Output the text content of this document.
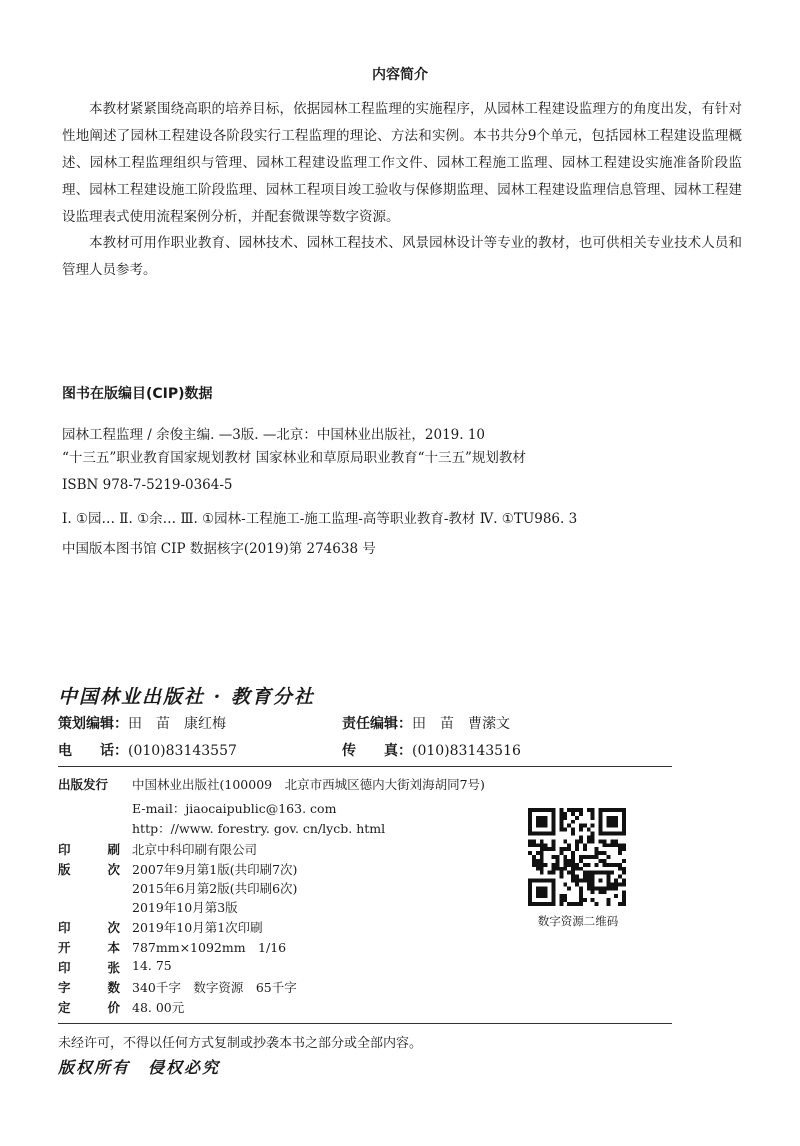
内容简介

本教材紧紧围绕高职的培养目标，依据园林工程监理的实施程序，从园林工程建设监理方的角度出发，有针对性地阐述了园林工程建设各阶段实行工程监理的理论、方法和实例。本书共分9个单元，包括园林工程建设监理概述、园林工程监理组织与管理、园林工程建设监理工作文件、园林工程施工监理、园林工程建设实施准备阶段监理、园林工程建设施工阶段监理、园林工程项目竣工验收与保修期监理、园林工程建设监理信息管理、园林工程建设监理表式使用流程案例分析，并配套微课等数字资源。

本教材可用作职业教育、园林技术、园林工程技术、风景园林设计等专业的教材，也可供相关专业技术人员和管理人员参考。

图书在版编目(CIP)数据
园林工程监理 / 余俊主编. —3版. —北京：中国林业出版社，2019. 10
“十三五”职业教育国家规划教材 国家林业和草原局职业教育“十三五”规划教材
ISBN 978-7-5219-0364-5
Ⅰ. ①园… Ⅱ. ①余… Ⅲ. ①园林-工程施工-施工监理-高等职业教育-教材 Ⅳ. ①TU986. 3
中国版本图书馆 CIP 数据核字(2019)第 274638 号
中国林业出版社 · 教育分社
策划编辑：田　苗　康红梅	责任编辑：田　苗　曹潆文
电　　话：(010)83143557	传　　真：(010)83143516
出版发行	中国林业出版社(100009　北京市西城区德内大街刘海胡同7号)
E-mail：jiaocaipublic@163. com
http：//www. forestry. gov. cn/lycb. html
印	刷 北京中科印刷有限公司
版	次 2007年9月第1版(共印刷7次)
2015年6月第2版(共印刷6次)
2019年10月第3版
印	次 2019年10月第1次印刷
开	本 787mm×1092mm　1/16
印	张 14. 75
字	数 340千字　数字资源　65千字
定	价 48. 00元
数字资源二维码
未经许可，不得以任何方式复制或抄袭本书之部分或全部内容。
版权所有　侵权必究
